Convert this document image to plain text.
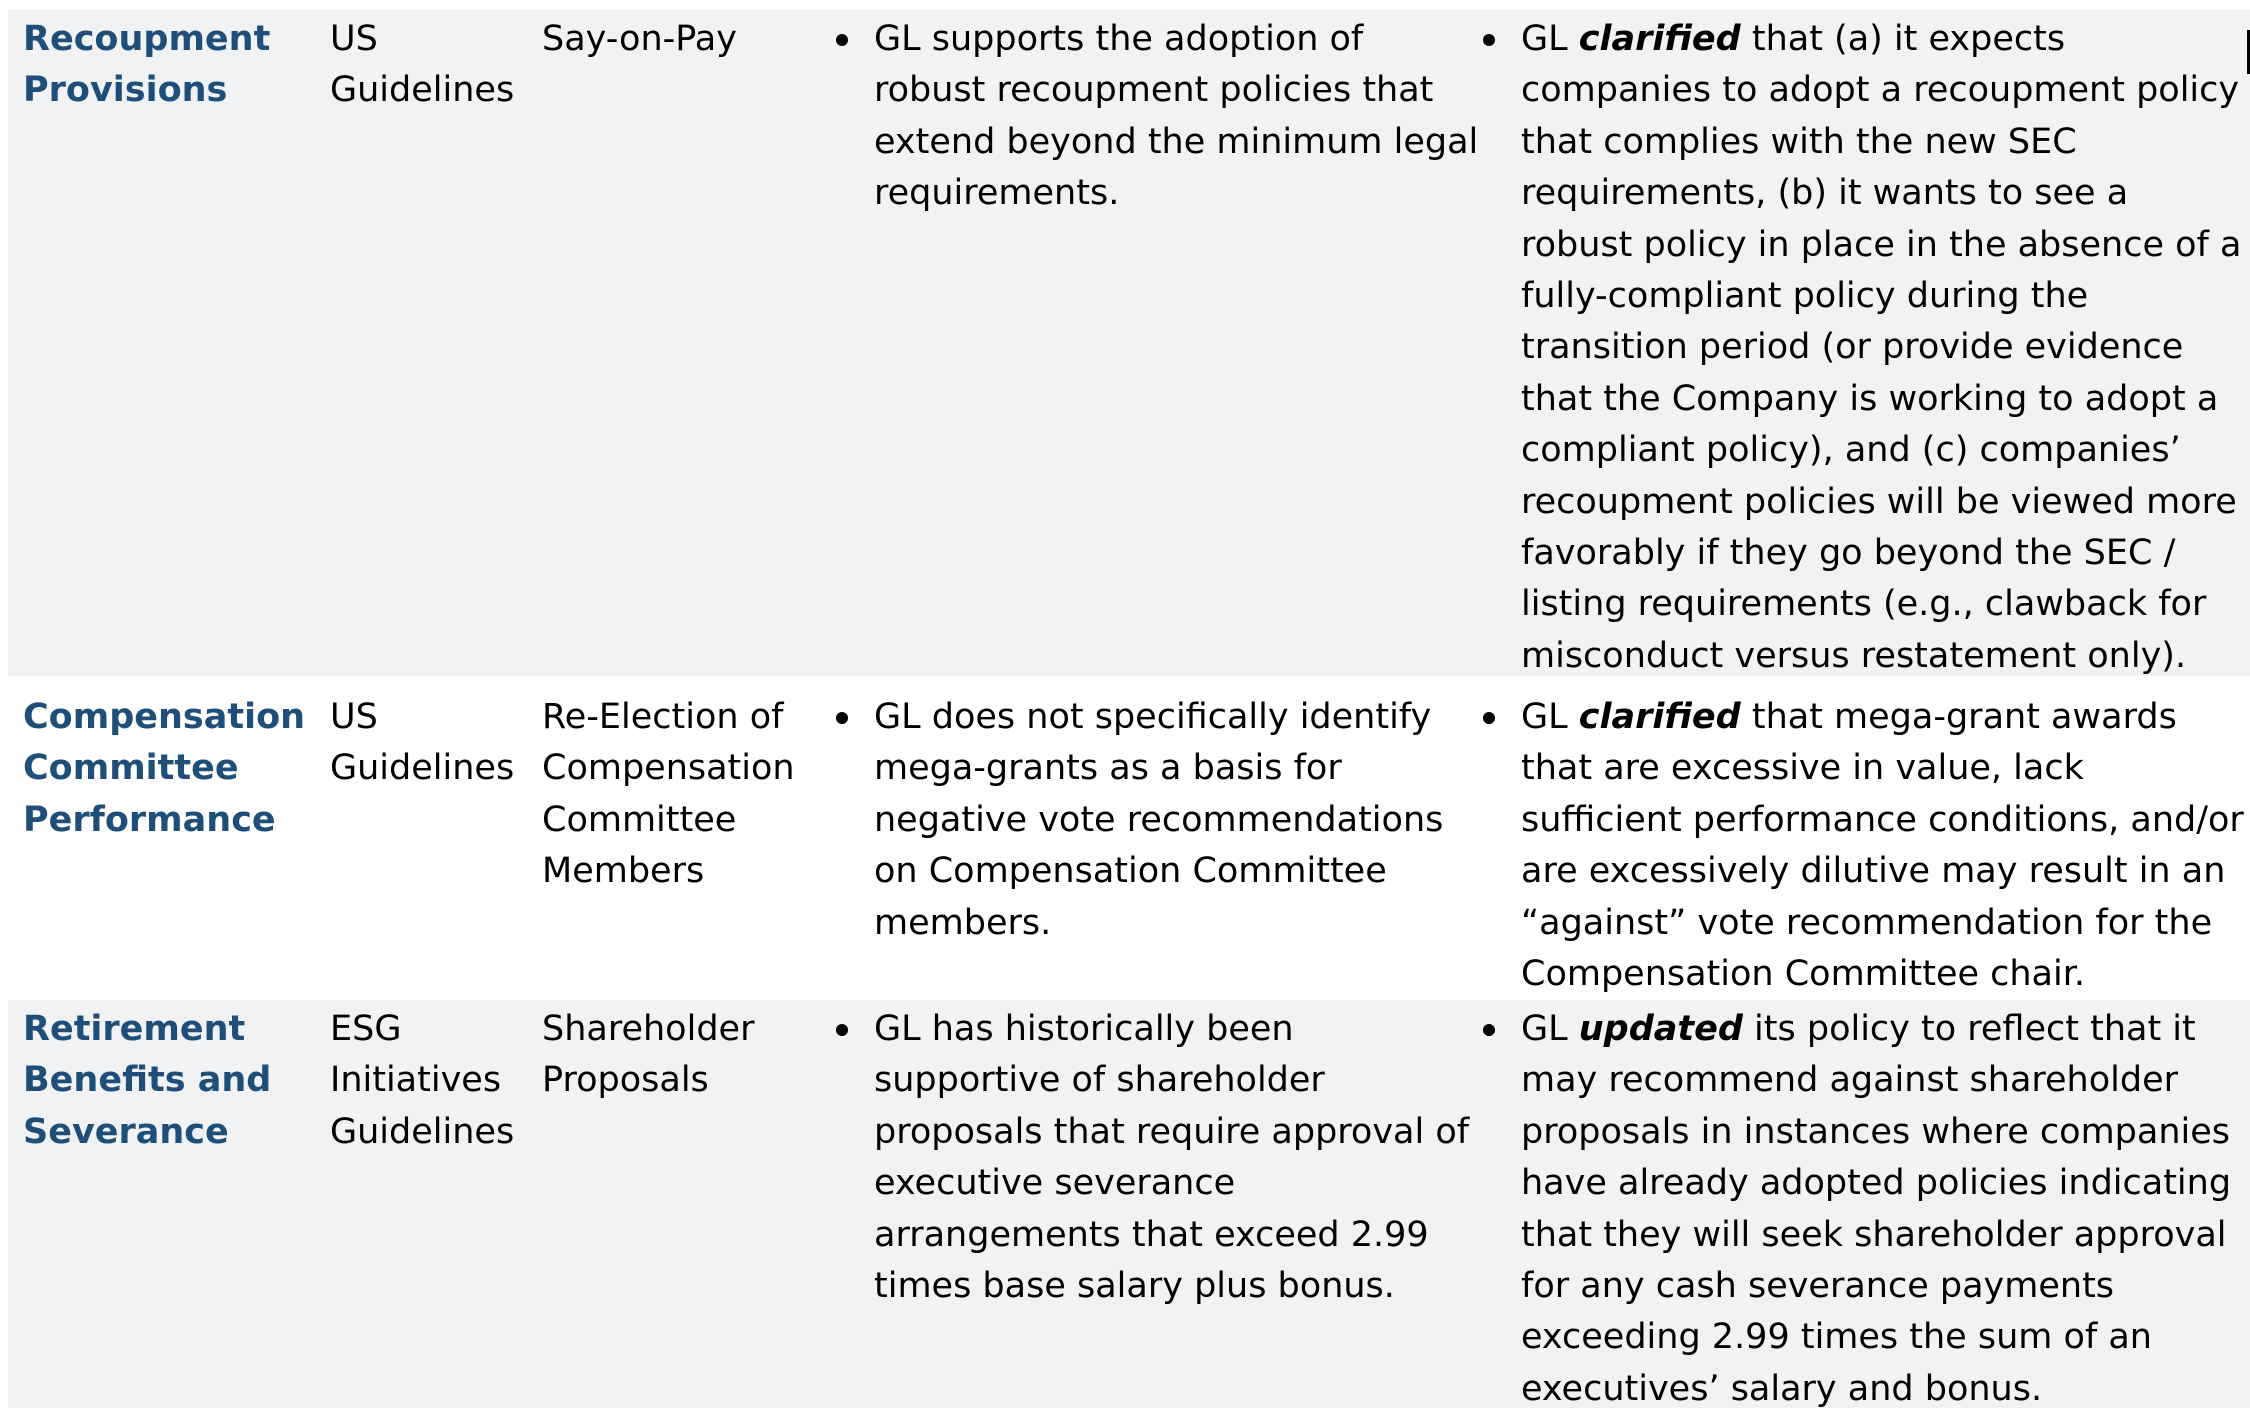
Recoupment
Provisions
US
Guidelines
Say-on-Pay	GL supports the adoption of robust recoupment policies that extend beyond the minimum legal requirements.
GL clarified that (a) it expects companies to adopt a recoupment policy that complies with the new SEC requirements, (b) it wants to see a robust policy in place in the absence of a fully-compliant policy during the transition period (or provide evidence that the Company is working to adopt a compliant policy), and (c) companies’ recoupment policies will be viewed more favorably if they go beyond the SEC / listing requirements (e.g., clawback for misconduct versus restatement only).
Compensation
Committee
Performance
US
Guidelines
Re-Election of
Compensation
Committee
Members
GL does not specifically identify mega-grants as a basis for negative vote recommendations on Compensation Committee members.
GL clarified that mega-grant awards that are excessive in value, lack sufficient performance conditions, and/or are excessively dilutive may result in an “against” vote recommendation for the Compensation Committee chair.
Retirement
Benefits and
Severance
ESG
Initiatives
Guidelines
Shareholder
Proposals
GL has historically been supportive of shareholder proposals that require approval of executive severance arrangements that exceed 2.99 times base salary plus bonus.
GL updated its policy to reflect that it may recommend against shareholder proposals in instances where companies have already adopted policies indicating that they will seek shareholder approval for any cash severance payments exceeding 2.99 times the sum of an executives’ salary and bonus.
